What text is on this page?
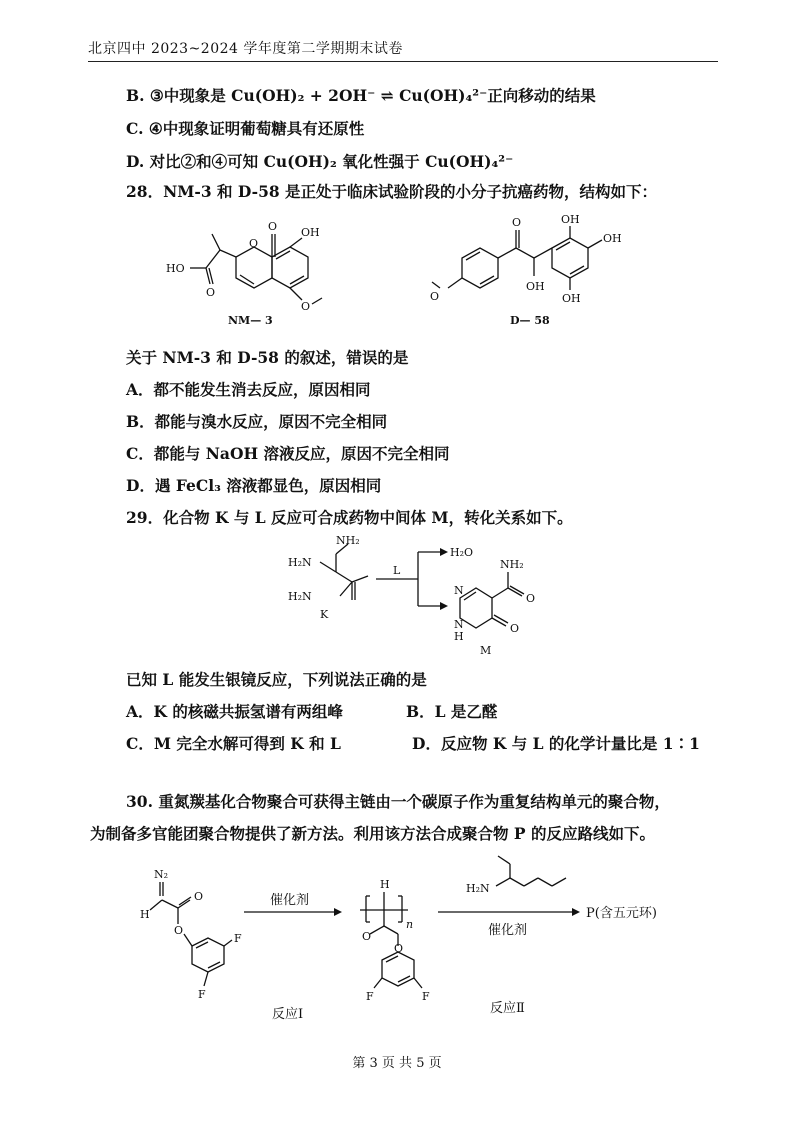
北京四中 2023~2024 学年度第二学期期末试卷
B. ③中现象是 Cu(OH)₂ + 2OH⁻ ⇌ Cu(OH)₄²⁻正向移动的结果
C. ④中现象证明葡萄糖具有还原性
D. 对比②和④可知 Cu(OH)₂ 氧化性强于 Cu(OH)₄²⁻
28．NM-3 和 D-58 是正处于临床试验阶段的小分子抗癌药物，结构如下：
O OH
O
HO
O
O
NM— 3
O	OH
OH
OH
OH
O
D— 58
关于 NM-3 和 D-58 的叙述，错误的是
A．都不能发生消去反应，原因相同
B．都能与溴水反应，原因不完全相同
C．都能与 NaOH 溶液反应，原因不完全相同
D．遇 FeCl₃ 溶液都显色，原因相同
29．化合物 K 与 L 反应可合成药物中间体 M，转化关系如下。
NH₂
H₂N
H₂N
K
L
H₂O
NH₂
O
O
N
N
H
M
已知 L 能发生银镜反应，下列说法正确的是
A．K 的核磁共振氢谱有两组峰	B．L 是乙醛
C．M 完全水解可得到 K 和 L	D．反应物 K 与 L 的化学计量比是 1∶1
30. 重氮羰基化合物聚合可获得主链由一个碳原子作为重复结构单元的聚合物，
为制备多官能团聚合物提供了新方法。利用该方法合成聚合物 P 的反应路线如下。
N₂
H
O
O
F
F
催化剂
反应Ⅰ
H
n
O
O
F	F
H₂N
催化剂
反应Ⅱ
P(含五元环)
第 3 页 共 5 页
